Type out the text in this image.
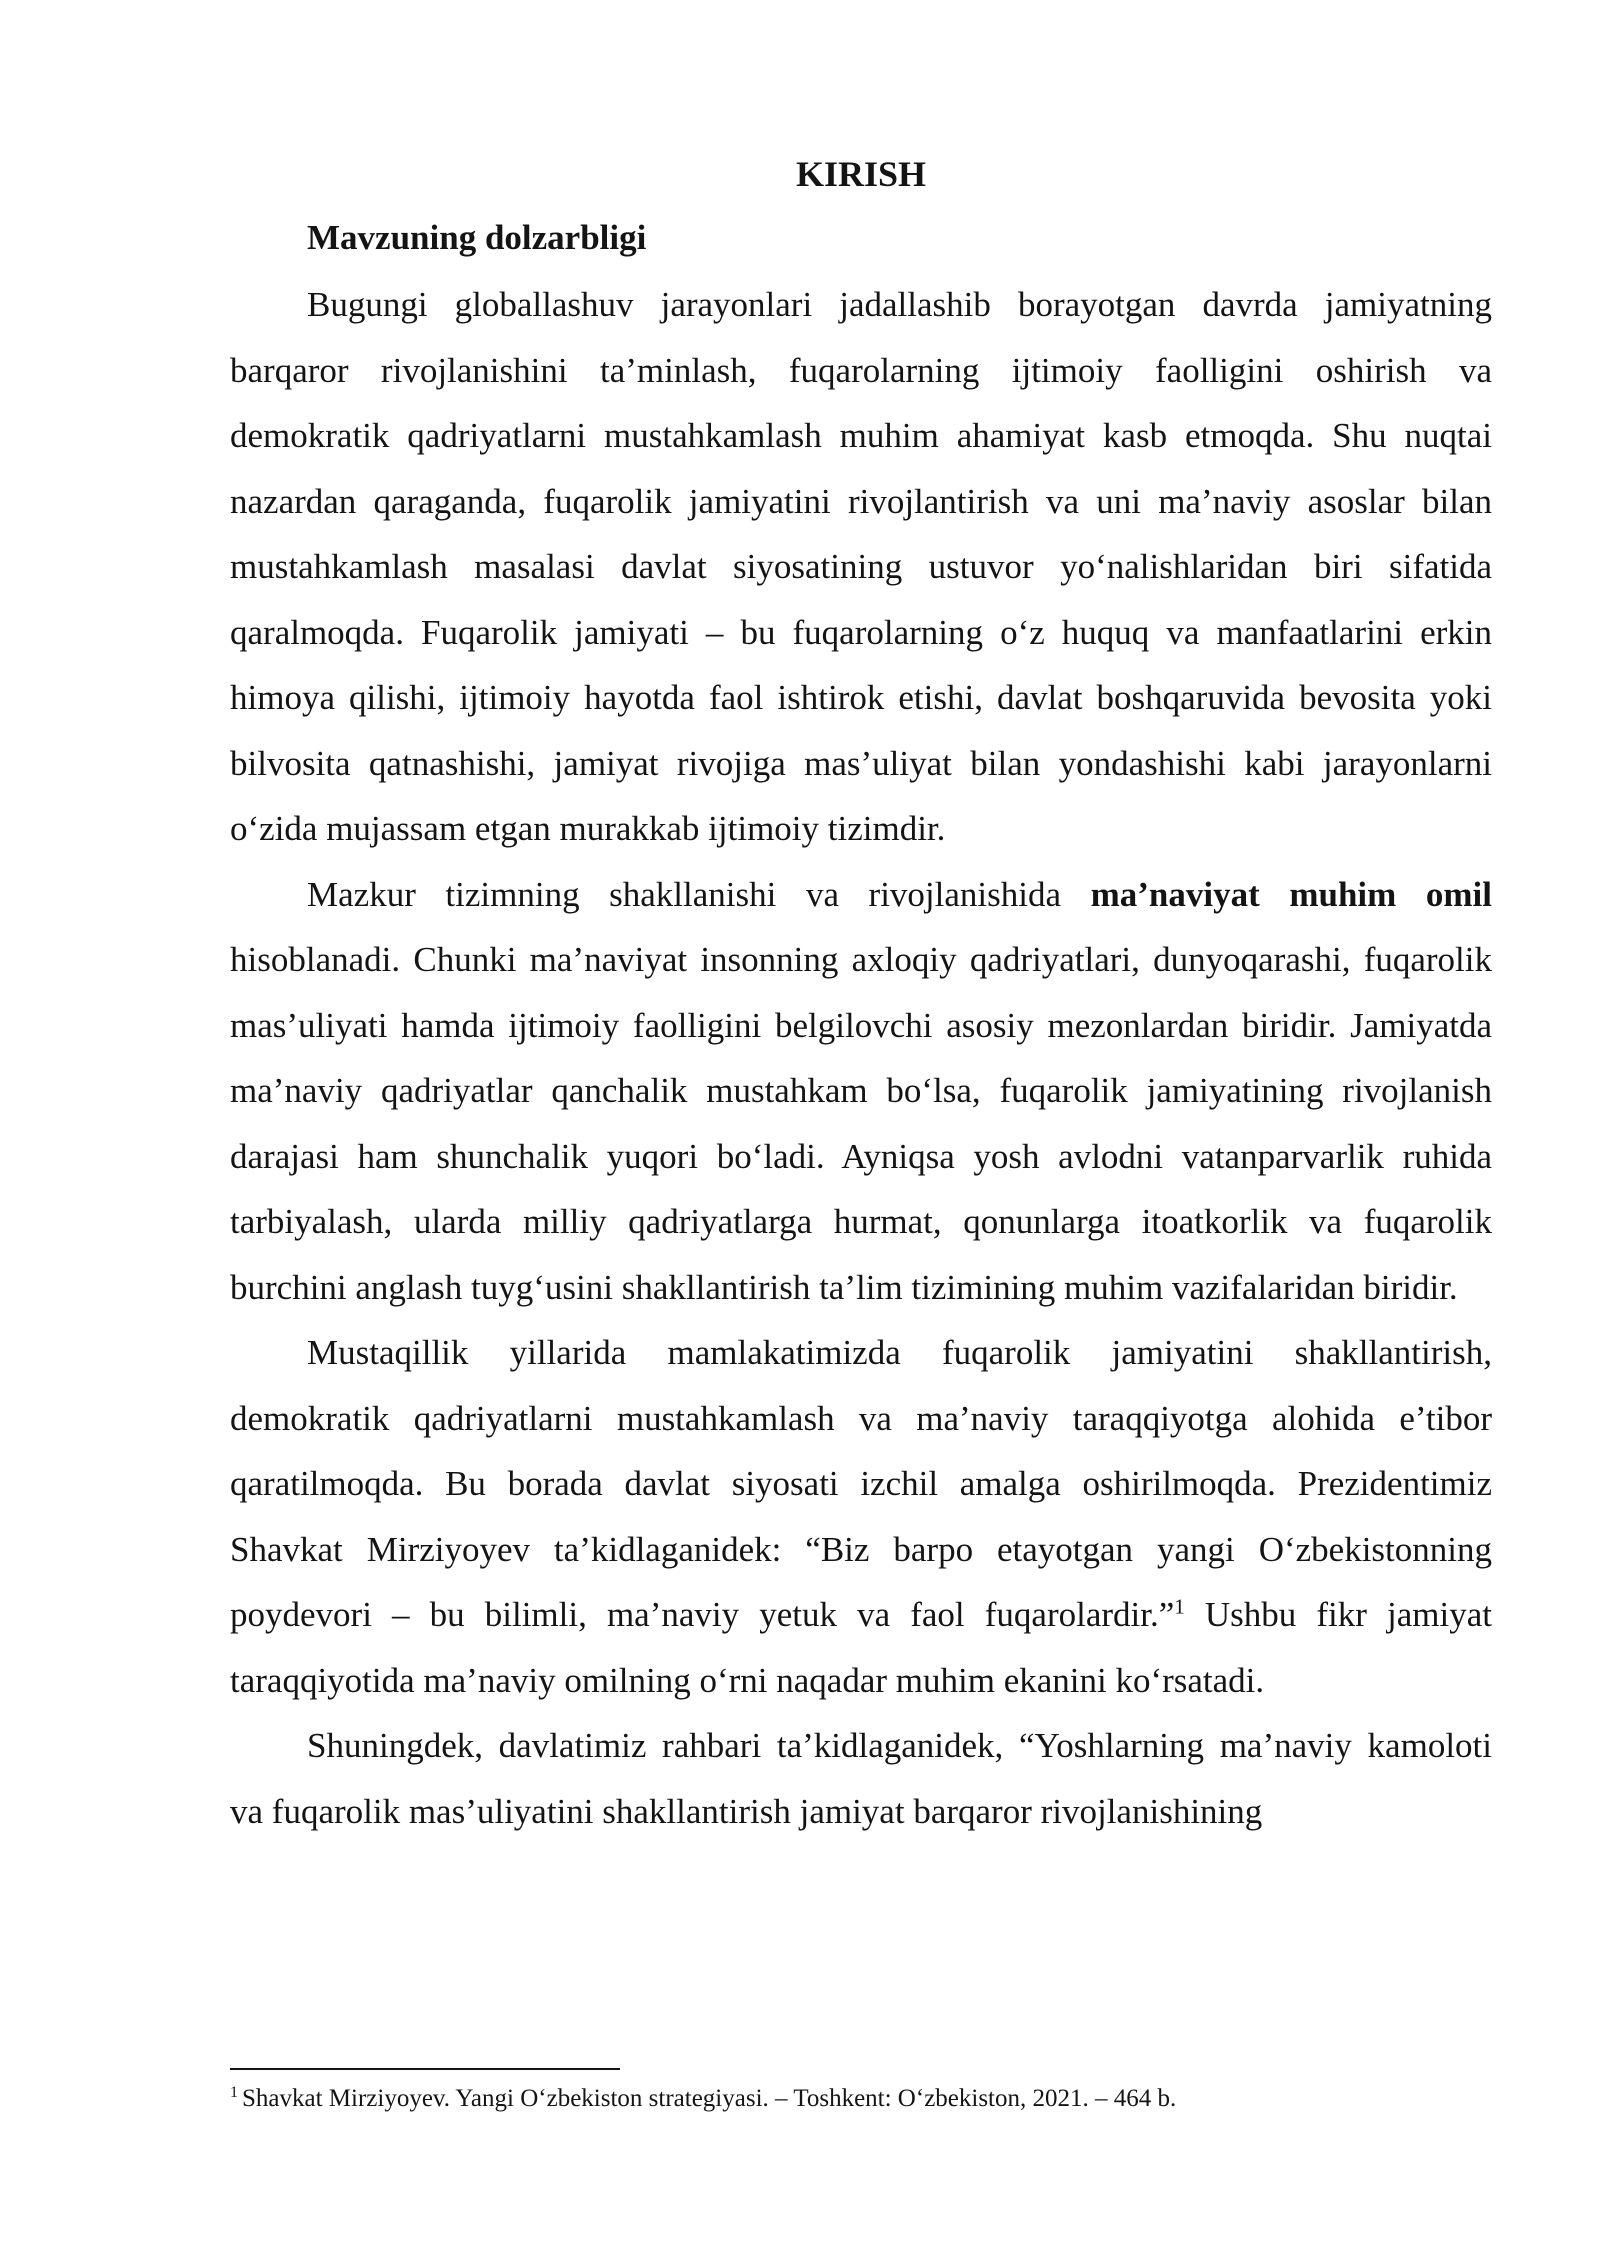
KIRISH
Mavzuning dolzarbligi

Bugungi globallashuv jarayonlari jadallashib borayotgan davrda jamiyatning barqaror rivojlanishini ta’minlash, fuqarolarning ijtimoiy faolligini oshirish va demokratik qadriyatlarni mustahkamlash muhim ahamiyat kasb etmoqda. Shu nuqtai nazardan qaraganda, fuqarolik jamiyatini rivojlantirish va uni ma’naviy asoslar bilan mustahkamlash masalasi davlat siyosatining ustuvor yo‘nalishlaridan biri sifatida qaralmoqda. Fuqarolik jamiyati – bu fuqarolarning o‘z huquq va manfaatlarini erkin himoya qilishi, ijtimoiy hayotda faol ishtirok etishi, davlat boshqaruvida bevosita yoki bilvosita qatnashishi, jamiyat rivojiga mas’uliyat bilan yondashishi kabi jarayonlarni o‘zida mujassam etgan murakkab ijtimoiy tizimdir.

Mazkur tizimning shakllanishi va rivojlanishida ma’naviyat muhim omil hisoblanadi. Chunki ma’naviyat insonning axloqiy qadriyatlari, dunyoqarashi, fuqarolik mas’uliyati hamda ijtimoiy faolligini belgilovchi asosiy mezonlardan biridir. Jamiyatda ma’naviy qadriyatlar qanchalik mustahkam bo‘lsa, fuqarolik jamiyatining rivojlanish darajasi ham shunchalik yuqori bo‘ladi. Ayniqsa yosh avlodni vatanparvarlik ruhida tarbiyalash, ularda milliy qadriyatlarga hurmat, qonunlarga itoatkorlik va fuqarolik burchini anglash tuyg‘usini shakllantirish ta’lim tizimining muhim vazifalaridan biridir.

Mustaqillik yillarida mamlakatimizda fuqarolik jamiyatini shakllantirish, demokratik qadriyatlarni mustahkamlash va ma’naviy taraqqiyotga alohida e’tibor qaratilmoqda. Bu borada davlat siyosati izchil amalga oshirilmoqda. Prezidentimiz Shavkat Mirziyoyev ta’kidlaganidek: “Biz barpo etayotgan yangi O‘zbekistonning poydevori – bu bilimli, ma’naviy yetuk va faol fuqarolardir.”$^1$ Ushbu fikr jamiyat taraqqiyotida ma’naviy omilning o‘rni naqadar muhim ekanini ko‘rsatadi.

Shuningdek, davlatimiz rahbari ta’kidlaganidek, “Yoshlarning ma’naviy kamoloti va fuqarolik mas’uliyatini shakllantirish jamiyat barqaror rivojlanishining

$^1$ Shavkat Mirziyoyev. Yangi O‘zbekiston strategiyasi. – Toshkent: O‘zbekiston, 2021. – 464 b.
